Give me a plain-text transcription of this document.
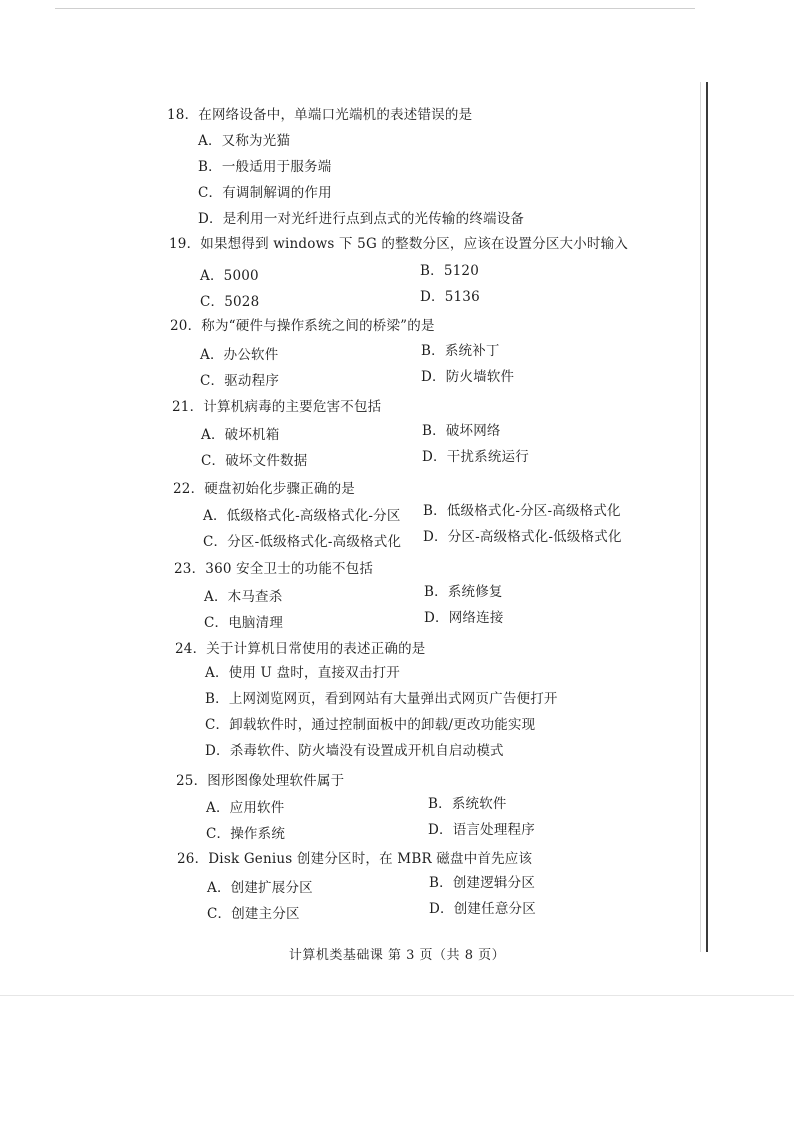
18．在网络设备中，单端口光端机的表述错误的是
A．又称为光猫
B．一般适用于服务端
C．有调制解调的作用
D．是利用一对光纤进行点到点式的光传输的终端设备
19．如果想得到 windows 下 5G 的整数分区，应该在设置分区大小时输入
A．5000	B．5120
C．5028	D．5136
20．称为“硬件与操作系统之间的桥梁”的是
A．办公软件	B．系统补丁
C．驱动程序	D．防火墙软件
21．计算机病毒的主要危害不包括
A．破坏机箱	B．破坏网络
C．破坏文件数据	D．干扰系统运行
22．硬盘初始化步骤正确的是
A．低级格式化-高级格式化-分区 B．低级格式化-分区-高级格式化
C．分区-低级格式化-高级格式化 D．分区-高级格式化-低级格式化
23．360 安全卫士的功能不包括
A．木马查杀	B．系统修复
C．电脑清理	D．网络连接
24．关于计算机日常使用的表述正确的是
A．使用 U 盘时，直接双击打开
B．上网浏览网页，看到网站有大量弹出式网页广告便打开
C．卸载软件时，通过控制面板中的卸载/更改功能实现
D．杀毒软件、防火墙没有设置成开机自启动模式
25．图形图像处理软件属于
A．应用软件	B．系统软件
C．操作系统	D．语言处理程序
26．Disk Genius 创建分区时，在 MBR 磁盘中首先应该
A．创建扩展分区	B．创建逻辑分区
C．创建主分区	D．创建任意分区
计算机类基础课 第 3 页（共 8 页）
